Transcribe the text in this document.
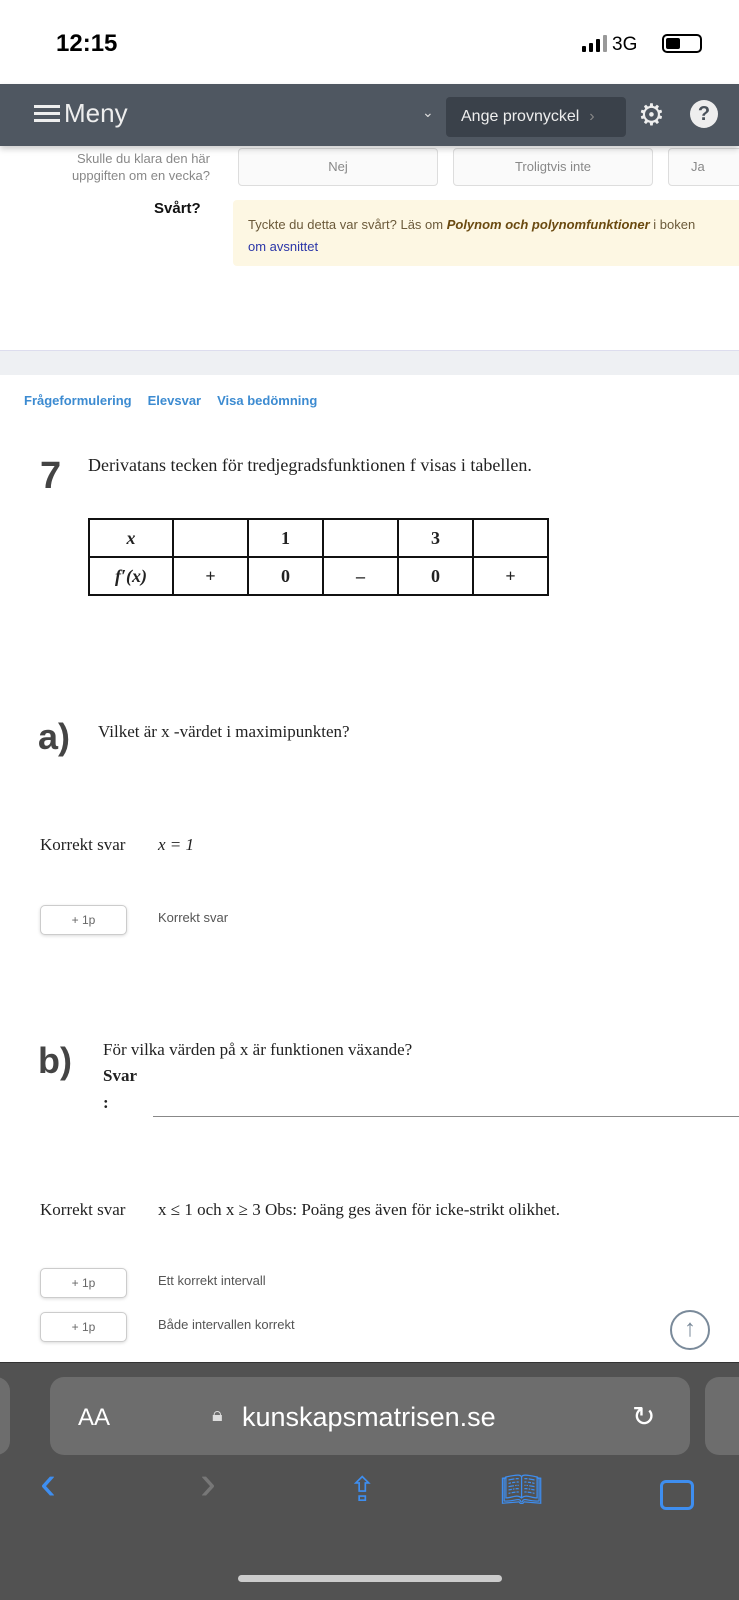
12:15	3G
Skulle du klara den här uppgiften om en vecka?
Nej	Troligtvis inte	Ja
Meny	⌄	Ange provnyckel ›	⚙	?
Svårt?
Tyckte du detta var svårt? Läs om Polynom och polynomfunktioner i boken
om avsnittet
Frågeformulering Elevsvar Visa bedömning
7 Derivatans tecken för tredjegradsfunktionen f visas i tabellen.
x		1		3	
f′(x)	+	0	–	0	+
a) Vilket är x -värdet i maximipunkten?
Korrekt svar x = 1
+ 1p	Korrekt svar
b) För vilka värden på x är funktionen växande?
Svar
:
Korrekt svar x ≤ 1 och x ≥ 3 Obs: Poäng ges även för icke-strikt olikhet.
+ 1p	Ett korrekt intervall
+ 1p	Både intervallen korrekt	↑
AA	🔒︎ kunskapsmatrisen.se	↻
‹	›	⇪	📖︎
